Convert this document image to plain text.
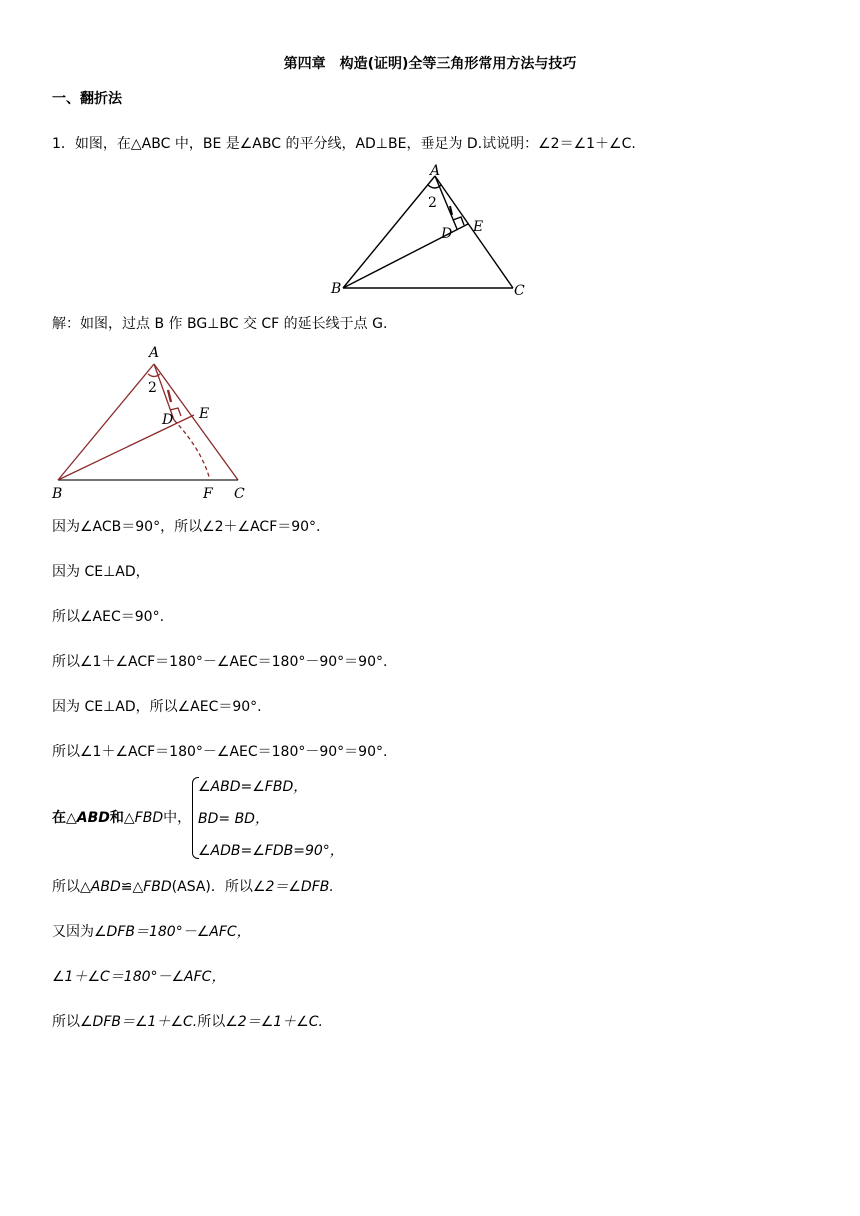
第四章　构造(证明)全等三角形常用方法与技巧
一、翻折法
1．如图，在△ABC 中，BE 是∠ABC 的平分线，AD⊥BE，垂足为 D.试说明：∠2＝∠1＋∠C.
A
B	C
D E
2
解：如图，过点 B 作 BG⊥BC 交 CF 的延长线于点 G.
A
B	C
D E
F
2
因为∠ACB＝90°，所以∠2＋∠ACF＝90°.
因为 CE⊥AD，
所以∠AEC＝90°.
所以∠1＋∠ACF＝180°－∠AEC＝180°－90°＝90°.
因为 CE⊥AD，所以∠AEC＝90°.
所以∠1＋∠ACF＝180°－∠AEC＝180°－90°＝90°.
在△ABD和△FBD中，
∠ABD=∠FBD，
BD= BD，
∠ADB=∠FDB=90°，
所以△ABD≌△FBD(ASA)．所以∠2＝∠DFB.
又因为∠DFB＝180°－∠AFC，
∠1＋∠C＝180°－∠AFC，
所以∠DFB＝∠1＋∠C.所以∠2＝∠1＋∠C.
